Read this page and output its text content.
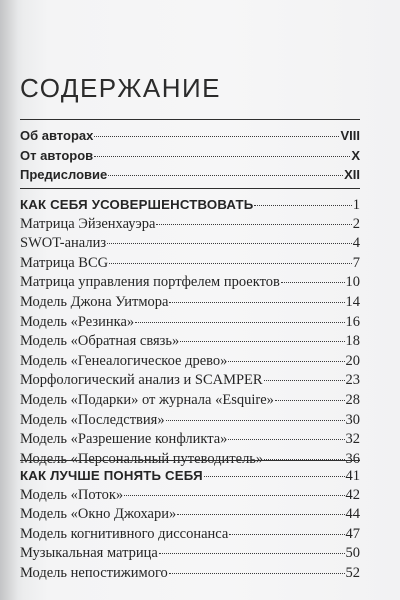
СОДЕРЖАНИЕ
Об авторах	VIII
От авторов	X
Предисловие	XII
КАК СЕБЯ УСОВЕРШЕНСТВОВАТЬ	1
Матрица Эйзенхауэра	2
SWOT-анализ	4
Матрица BCG	7
Матрица управления портфелем проектов	10
Модель Джона Уитмора	14
Модель «Резинка»	16
Модель «Обратная связь»	18
Модель «Генеалогическое древо»	20
Морфологический анализ и SCAMPER	23
Модель «Подарки» от журнала «Esquire»	28
Модель «Последствия»	30
Модель «Разрешение конфликта»	32
Модель «Персональный путеводитель»	36
КАК ЛУЧШЕ ПОНЯТЬ СЕБЯ	41
Модель «Поток»	42
Модель «Окно Джохари»	44
Модель когнитивного диссонанса	47
Музыкальная матрица	50
Модель непостижимого	52
